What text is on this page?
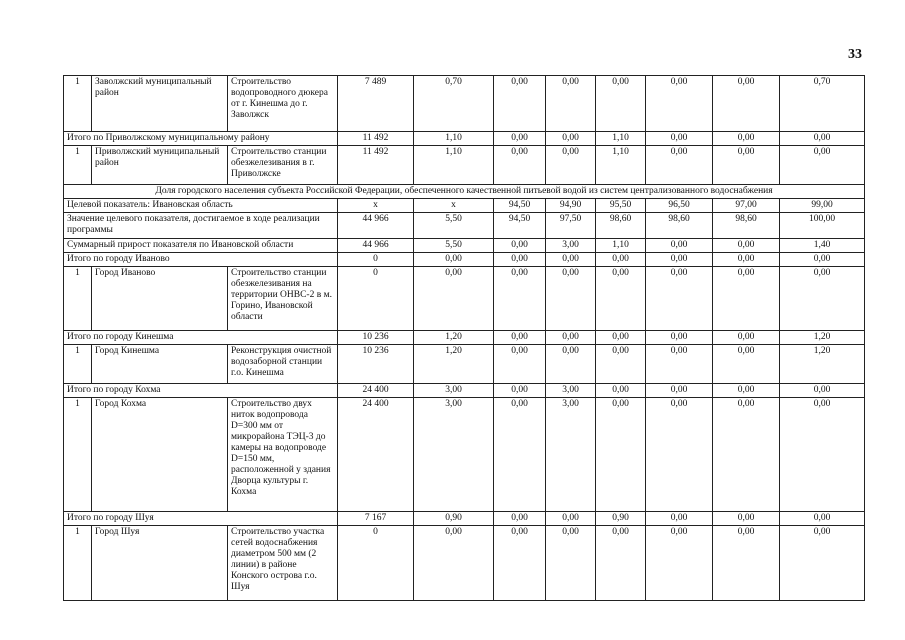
33
1	Заволжский муниципальный район	Строительство водопроводного дюкера от г. Кинешма до г. Заволжск	7 489	0,70	0,00	0,00	0,00	0,00	0,00	0,70
Итого по Приволжскому муниципальному району			11 492	1,10	0,00	0,00	1,10	0,00	0,00	0,00
1	Приволжский муниципальный район	Строительство станции обезжелезивания в г. Приволжске	11 492	1,10	0,00	0,00	1,10	0,00	0,00	0,00
Доля городского населения субъекта Российской Федерации, обеспеченного качественной питьевой водой из систем централизованного водоснабжения										
Целевой показатель: Ивановская область			x	x	94,50	94,90	95,50	96,50	97,00	99,00
Значение целевого показателя, достигаемое в ходе реализации программы			44 966	5,50	94,50	97,50	98,60	98,60	98,60	100,00
Суммарный прирост показателя по Ивановской области			44 966	5,50	0,00	3,00	1,10	0,00	0,00	1,40
Итого по городу Иваново			0	0,00	0,00	0,00	0,00	0,00	0,00	0,00
1	Город Иваново	Строительство станции обезжелезивания на территории ОНВС-2 в м. Горино, Ивановской области	0	0,00	0,00	0,00	0,00	0,00	0,00	0,00
Итого по городу Кинешма			10 236	1,20	0,00	0,00	0,00	0,00	0,00	1,20
1	Город Кинешма	Реконструкция очистной водозаборной станции г.о. Кинешма	10 236	1,20	0,00	0,00	0,00	0,00	0,00	1,20
Итого по городу Кохма			24 400	3,00	0,00	3,00	0,00	0,00	0,00	0,00
1	Город Кохма	Строительство двух ниток водопровода D=300 мм от микрорайона ТЭЦ-3 до камеры на водопроводе D=150 мм, расположенной у здания Дворца культуры г. Кохма	24 400	3,00	0,00	3,00	0,00	0,00	0,00	0,00
Итого по городу Шуя			7 167	0,90	0,00	0,00	0,90	0,00	0,00	0,00
1	Город Шуя	Строительство участка сетей водоснабжения диаметром 500 мм (2 линии) в районе Конского острова г.о. Шуя	0	0,00	0,00	0,00	0,00	0,00	0,00	0,00
